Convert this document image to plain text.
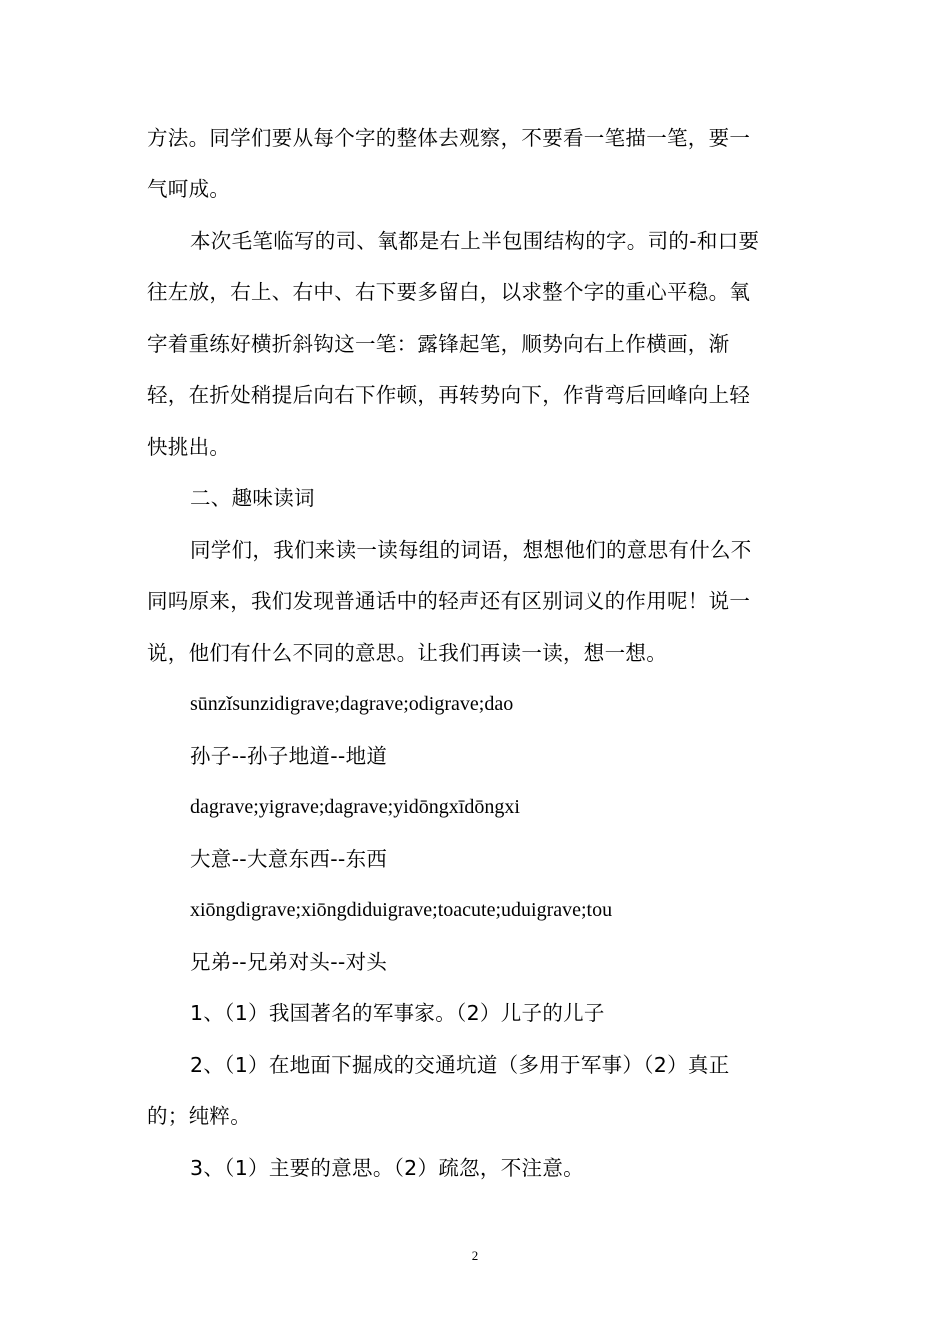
方法。同学们要从每个字的整体去观察，不要看一笔描一笔，要一
气呵成。
本次毛笔临写的司、氧都是右上半包围结构的字。司的-和口要
往左放，右上、右中、右下要多留白，以求整个字的重心平稳。氧
字着重练好横折斜钩这一笔：露锋起笔，顺势向右上作横画，渐
轻，在折处稍提后向右下作顿，再转势向下，作背弯后回峰向上轻
快挑出。
二、趣味读词
同学们，我们来读一读每组的词语，想想他们的意思有什么不
同吗原来，我们发现普通话中的轻声还有区别词义的作用呢！说一
说，他们有什么不同的意思。让我们再读一读，想一想。
sūnzǐsunzidigrave;dagrave;odigrave;dao
孙子--孙子地道--地道
dagrave;yigrave;dagrave;yidōngxīdōngxi
大意--大意东西--东西
xiōngdigrave;xiōngdiduigrave;toacute;uduigrave;tou
兄弟--兄弟对头--对头
1、（1）我国著名的军事家。（2）儿子的儿子
2、（1）在地面下掘成的交通坑道（多用于军事）（2）真正
的；纯粹。
3、（1）主要的意思。（2）疏忽，不注意。
2
